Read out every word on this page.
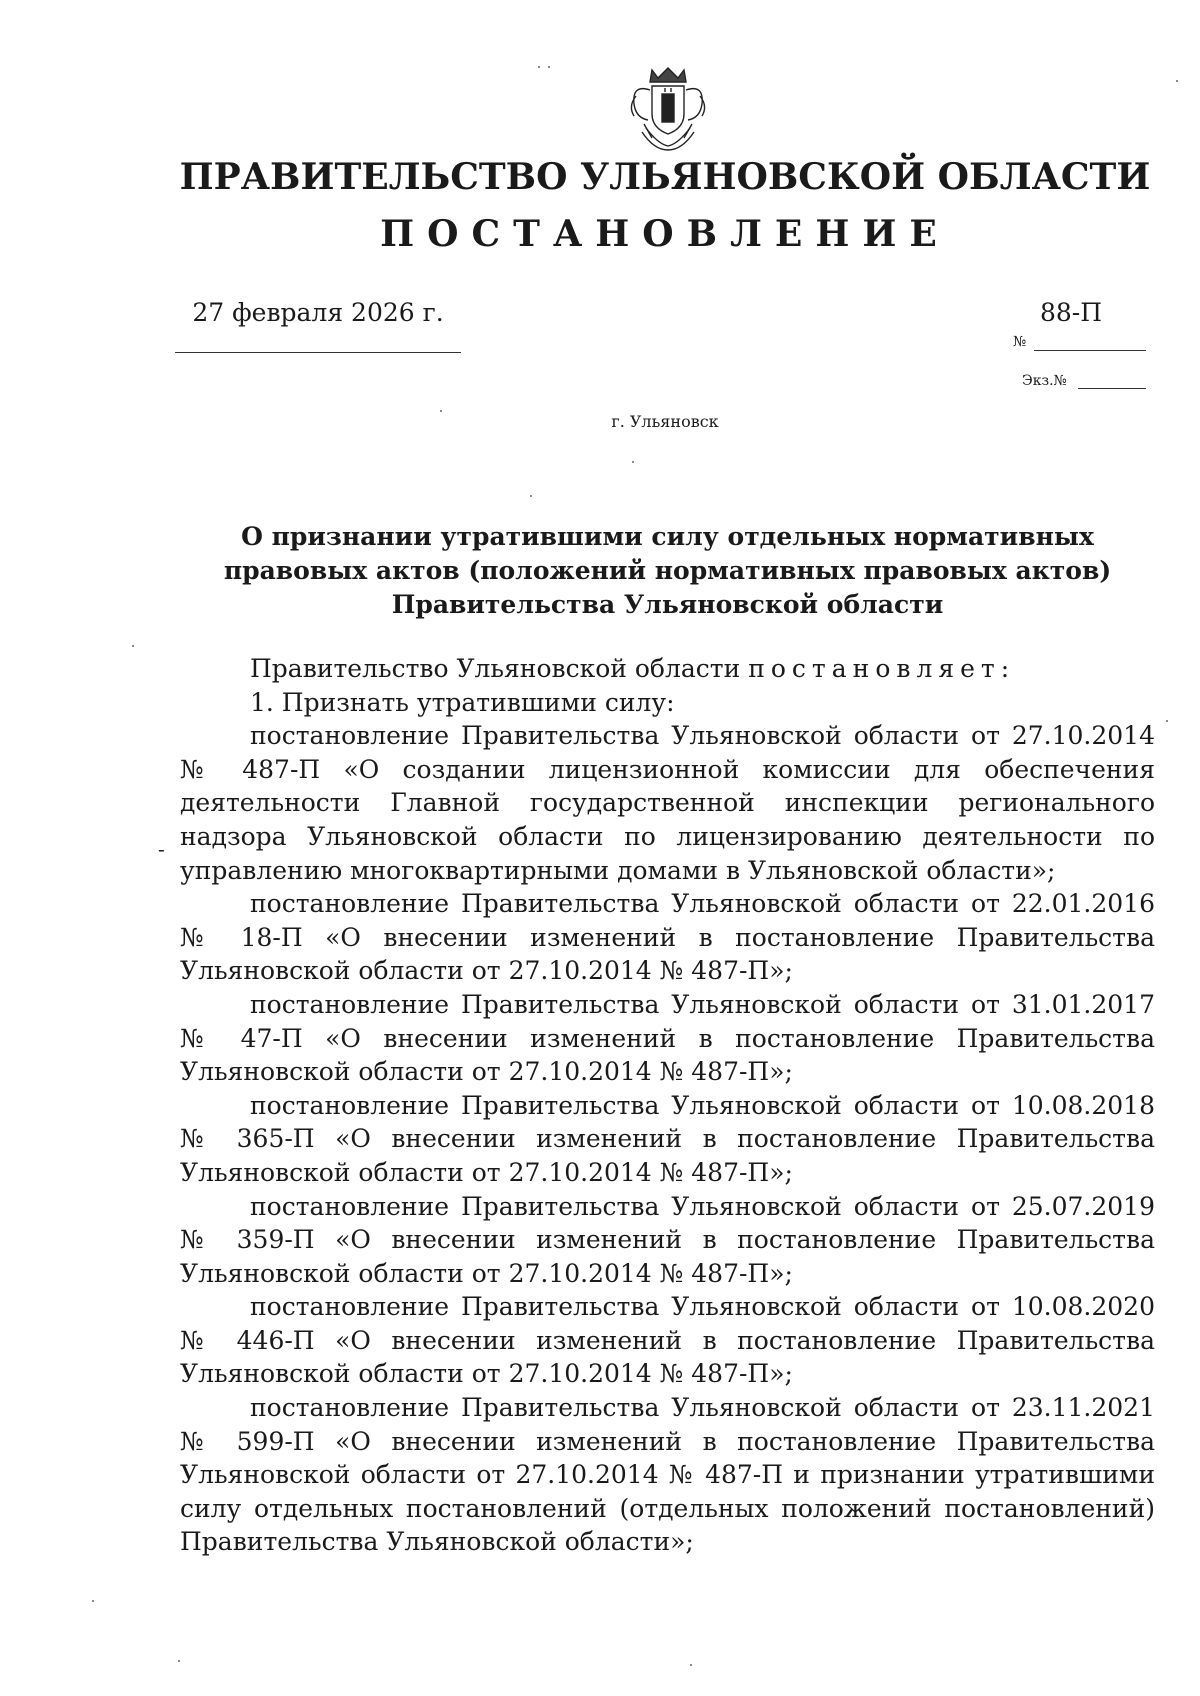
ПРАВИТЕЛЬСТВО УЛЬЯНОВСКОЙ ОБЛАСТИ
ПОСТАНОВЛЕНИЕ
27 февраля 2026 г.	88-П
№
Экз.№
г. Ульяновск
О признании утратившими силу отдельных нормативных правовых актов (положений нормативных правовых актов) Правительства Ульяновской области

Правительство Ульяновской области постановляет:

1. Признать утратившими силу:

постановление Правительства Ульяновской области от 27.10.2014 № 487-П «О создании лицензионной комиссии для обеспечения деятельности Главной государственной инспекции регионального надзора Ульяновской области по лицензированию деятельности по управлению многоквартирными домами в Ульяновской области»;

постановление Правительства Ульяновской области от 22.01.2016 № 18-П «О внесении изменений в постановление Правительства Ульяновской области от 27.10.2014 № 487-П»;

постановление Правительства Ульяновской области от 31.01.2017 № 47-П «О внесении изменений в постановление Правительства Ульяновской области от 27.10.2014 № 487-П»;

постановление Правительства Ульяновской области от 10.08.2018 № 365-П «О внесении изменений в постановление Правительства Ульяновской области от 27.10.2014 № 487-П»;

постановление Правительства Ульяновской области от 25.07.2019 № 359-П «О внесении изменений в постановление Правительства Ульяновской области от 27.10.2014 № 487-П»;

постановление Правительства Ульяновской области от 10.08.2020 № 446-П «О внесении изменений в постановление Правительства Ульяновской области от 27.10.2014 № 487-П»;

постановление Правительства Ульяновской области от 23.11.2021 № 599-П «О внесении изменений в постановление Правительства Ульяновской области от 27.10.2014 № 487-П и признании утратившими силу отдельных постановлений (отдельных положений постановлений) Правительства Ульяновской области»;

-
